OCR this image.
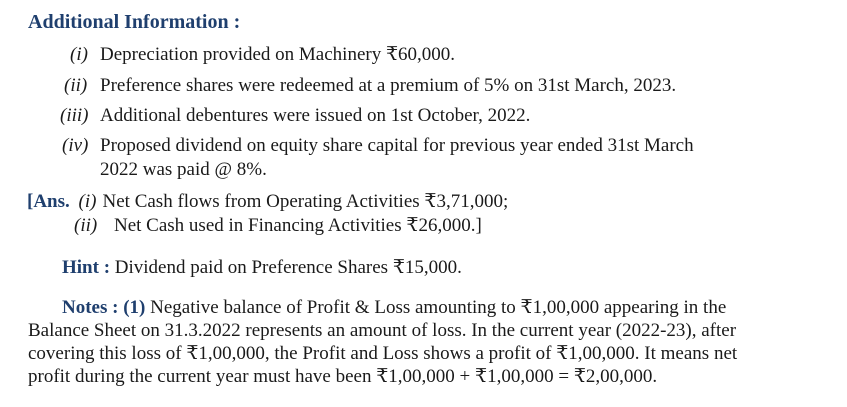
Additional Information :
(i) Depreciation provided on Machinery ₹60,000.
(ii) Preference shares were redeemed at a premium of 5% on 31st March, 2023.
(iii) Additional debentures were issued on 1st October, 2022.
(iv) Proposed dividend on equity share capital for previous year ended 31st March
2022 was paid @ 8%.
[Ans. (i) Net Cash flows from Operating Activities ₹3,71,000;
(ii) Net Cash used in Financing Activities ₹26,000.]
Hint : Dividend paid on Preference Shares ₹15,000.
Notes : (1) Negative balance of Profit & Loss amounting to ₹1,00,000 appearing in the
Balance Sheet on 31.3.2022 represents an amount of loss. In the current year (2022-23), after
covering this loss of ₹1,00,000, the Profit and Loss shows a profit of ₹1,00,000. It means net
profit during the current year must have been ₹1,00,000 + ₹1,00,000 = ₹2,00,000.
